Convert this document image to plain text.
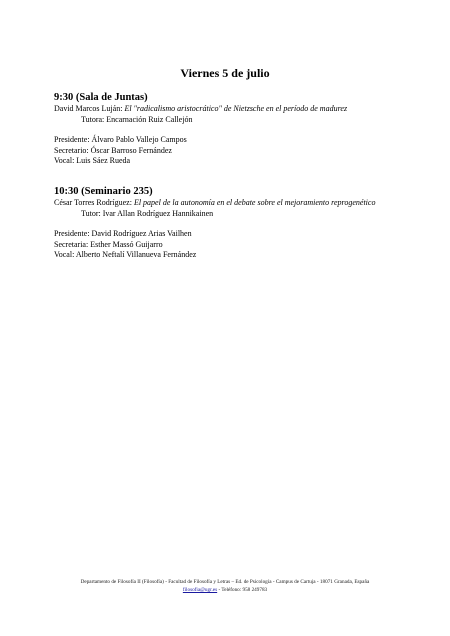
Viernes 5 de julio
9:30 (Sala de Juntas)
David Marcos Luján: El "radicalismo aristocrático" de Nietzsche en el período de madurez
Tutora: Encarnación Ruiz Callejón
Presidente: Álvaro Pablo Vallejo Campos
Secretario: Óscar Barroso Fernández
Vocal: Luis Sáez Rueda
10:30 (Seminario 235)
César Torres Rodríguez: El papel de la autonomía en el debate sobre el mejoramiento reprogenético
Tutor: Ivar Allan Rodríguez Hannikainen
Presidente: David Rodríguez Arias Vailhen
Secretaria: Esther Massó Guijarro
Vocal: Alberto Neftalí Villanueva Fernández
Departamento de Filosofía II (Filosofía) - Facultad de Filosofía y Letras – Ed. de Psicología - Campus de Cartuja - 18071 Granada, España
filosofia@ugr.es - Teléfono: 958 249783
